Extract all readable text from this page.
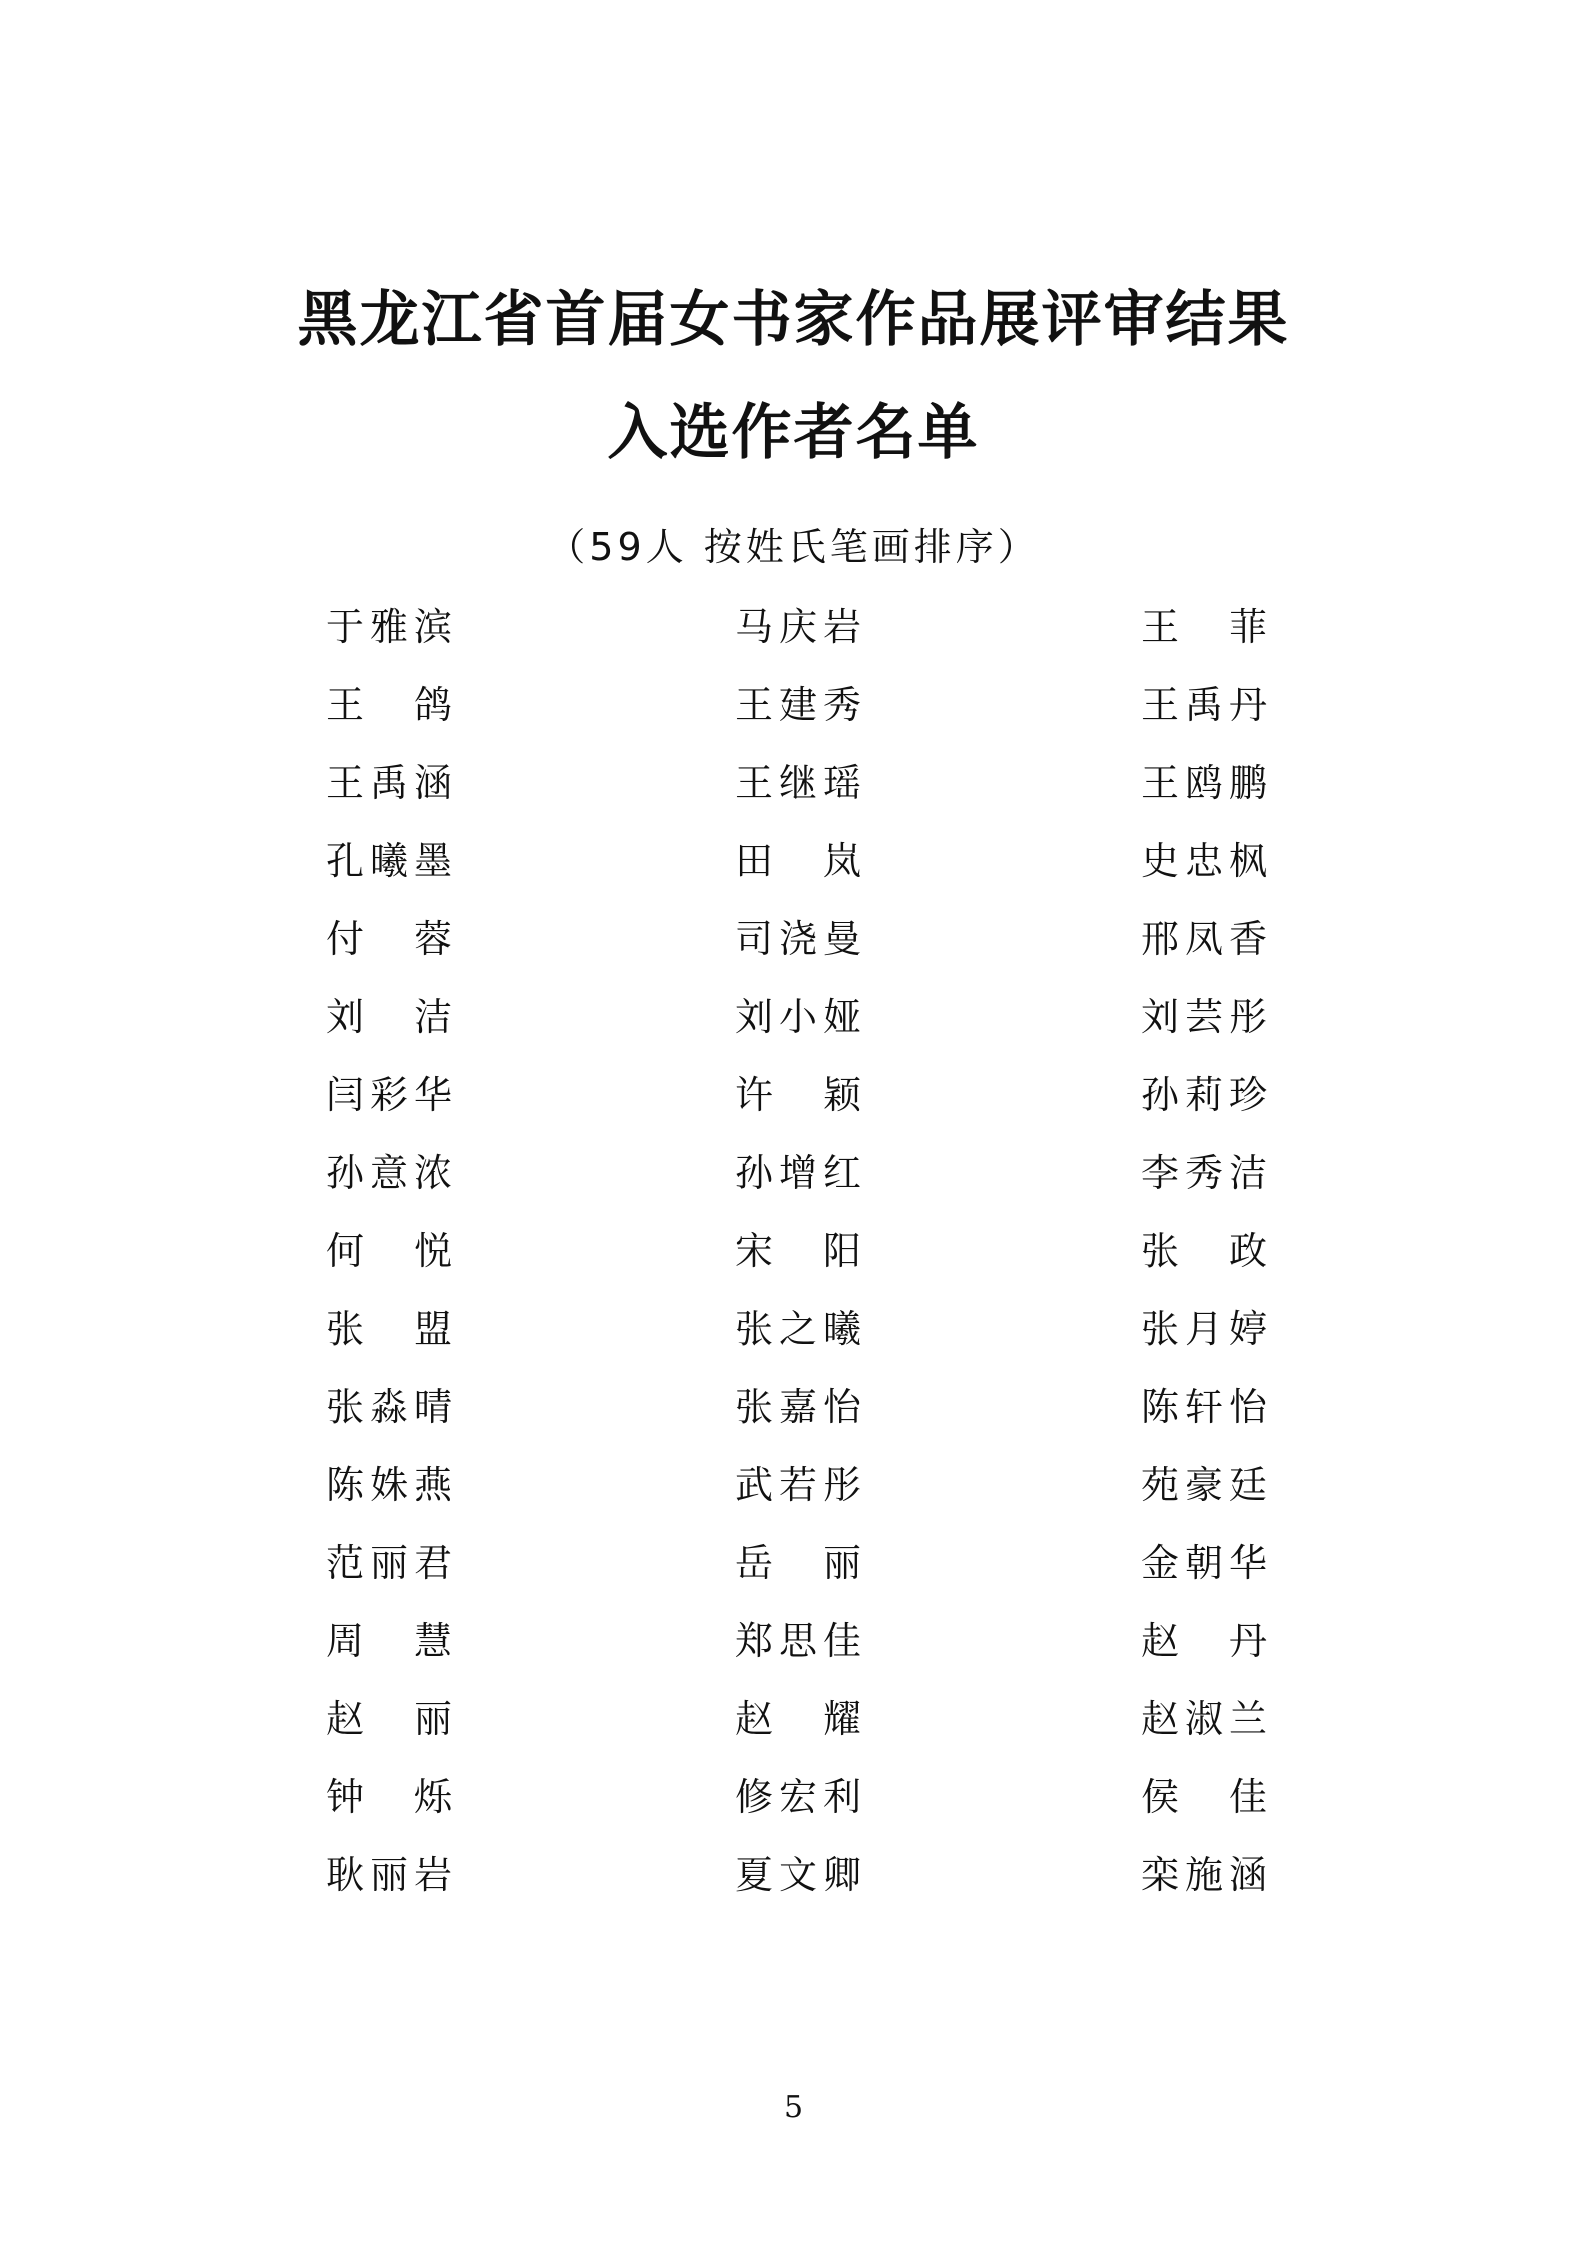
黑龙江省首届女书家作品展评审结果
入选作者名单
（59人 按姓氏笔画排序）
于 雅 滨	马 庆 岩	王 菲
王 鸽	王 建 秀	王 禹 丹
王 禹 涵	王 继 瑶	王 鸥 鹏
孔 曦 墨	田 岚	史 忠 枫
付 蓉	司 浇 曼	邢 凤 香
刘 洁	刘 小 娅	刘 芸 彤
闫 彩 华	许 颖	孙 莉 珍
孙 意 浓	孙 增 红	李 秀 洁
何 悦	宋 阳	张 政
张 盟	张 之 曦	张 月 婷
张 淼 晴	张 嘉 怡	陈 轩 怡
陈 姝 燕	武 若 彤	苑 豪 廷
范 丽 君	岳 丽	金 朝 华
周 慧	郑 思 佳	赵 丹
赵 丽	赵 耀	赵 淑 兰
钟 烁	修 宏 利	侯 佳
耿 丽 岩	夏 文 卿	栾 施 涵
5
